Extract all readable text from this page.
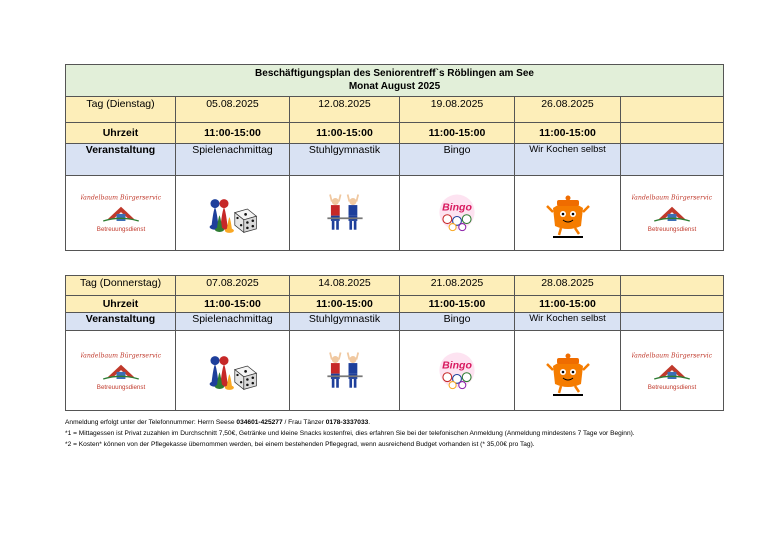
Beschäftigungsplan des Seniorentreff`s Röblingen am See
Monat August 2025					

Tag (Dienstag)	05.08.2025	12.08.2025	19.08.2025	26.08.2025	
Uhrzeit	11:00-15:00	11:00-15:00	11:00-15:00	11:00-15:00	
Veranstaltung	Spielenachmittag	Stuhlgymnastik	Bingo	Wir Kochen selbst	

Tag (Donnerstag)	07.08.2025	14.08.2025	21.08.2025	28.08.2025	
Uhrzeit	11:00-15:00	11:00-15:00	11:00-15:00	11:00-15:00	
Veranstaltung	Spielenachmittag	Stuhlgymnastik	Bingo	Wir Kochen selbst	

Anmeldung erfolgt unter der Telefonnummer: Herrn Seese 034601-425277 / Frau Tänzer 0178-3337033.
*1 = Mittagessen ist Privat zuzahlen im Durchschnitt 7,50€, Getränke und kleine Snacks kostenfrei, dies erfahren Sie bei der telefonischen Anmeldung (Anmeldung mindestens 7 Tage vor Beginn).
*2 = Kosten* können von der Pflegekasse übernommen werden, bei einem bestehenden Pflegegrad, wenn ausreichend Budget vorhanden ist (* 35,00€ pro Tag).
